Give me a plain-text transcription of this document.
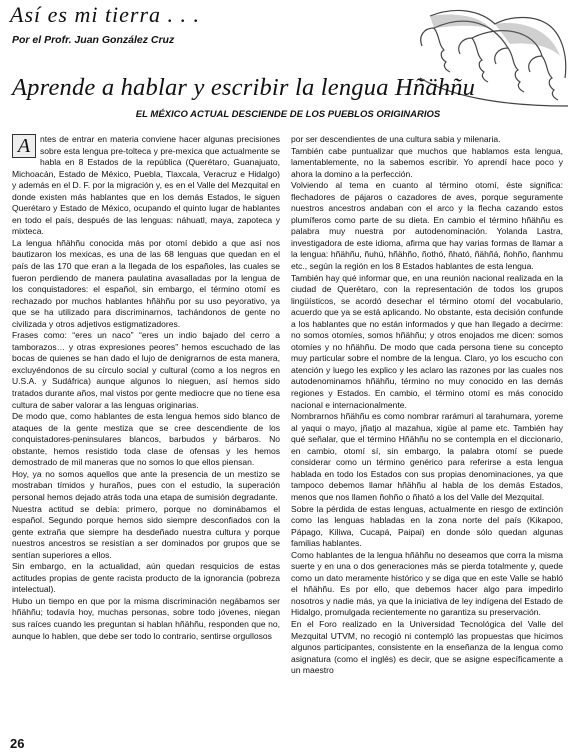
Así es mi tierra . . .
Por el Profr. Juan González Cruz
Aprende a hablar y escribir la lengua Hñähñu
EL MÉXICO ACTUAL DESCIENDE DE LOS PUEBLOS ORIGINARIOS

A	ntes de entrar en materia conviene hacer algunas precisiones sobre esta lengua pre-tolteca y pre-mexica que actualmente se habla en 8 Estados de la república (Querétaro, Guanajuato, Michoacán, Estado de México, Puebla, Tlaxcala, Veracruz e Hidalgo) y además en el D. F. por la migración y, es en el Valle del Mezquital en donde existen más hablantes que en los demás Estados, le siguen Querétaro y Estado de México, ocupando el quinto lugar de hablantes en todo el país, después de las lenguas: náhuatl, maya, zapoteca y mixteca.

La lengua hñähñu conocida más por otomí debido a que así nos bautizaron los mexicas, es una de las 68 lenguas que quedan en el país de las 170 que eran a la llegada de los españoles, las cuales se fueron perdiendo de manera paulatina avasalladas por la lengua de los conquistadores: el español, sin embargo, el término otomí es rechazado por muchos hablantes hñähñu por su uso peyorativo, ya que se ha utilizado para discriminarnos, tachándonos de gente no civilizada y otros adjetivos estigmatizadores.

Frases como: “eres un naco” “eres un indio bajado del cerro a tamborazos… y otras expresiones peores” hemos escuchado de las bocas de quienes se han dado el lujo de denigrarnos de esta manera, excluyéndonos de su círculo social y cultural (como a los negros en U.S.A. y Sudáfrica) aunque algunos lo nieguen, así hemos sido tratados durante años, mal vistos por gente mediocre que no tiene esa cultura de saber valorar a las lenguas originarias.

De modo que, como hablantes de esta lengua hemos sido blanco de ataques de la gente mestiza que se cree descendiente de los conquistadores-peninsulares blancos, barbudos y bárbaros. No obstante, hemos resistido toda clase de ofensas y les hemos demostrado de mil maneras que no somos lo que ellos piensan.

Hoy, ya no somos aquellos que ante la presencia de un mestizo se mostraban tímidos y huraños, pues con el estudio, la superación personal hemos dejado atrás toda una etapa de sumisión degradante.

Nuestra actitud se debía: primero, porque no dominábamos el español. Segundo porque hemos sido siempre desconfiados con la gente extraña que siempre ha desdeñado nuestra cultura y porque nuestros ancestros se resistían a ser dominados por grupos que se sentían superiores a ellos.

Sin embargo, en la actualidad, aún quedan resquicios de estas actitudes propias de gente racista producto de la ignorancia (pobreza intelectual).

Hubo un tiempo en que por la misma discriminación negábamos ser hñähñu; todavía hoy, muchas personas, sobre todo jóvenes, niegan sus raíces cuando les preguntan si hablan hñähñu, responden que no, aunque lo hablen, que debe ser todo lo contrario, sentirse orgullosos

por ser descendientes de una cultura sabia y milenaria.

También cabe puntualizar que muchos que hablamos esta lengua, lamentablemente, no la sabemos escribir. Yo aprendí hace poco y ahora la domino a la perfección.

Volviendo al tema en cuanto al término otomí, éste significa: flechadores de pájaros o cazadores de aves, porque seguramente nuestros ancestros andaban con el arco y la flecha cazando estos plumíferos como parte de su dieta. En cambio el término hñähñu es palabra muy nuestra por autodenominación. Yolanda Lastra, investigadora de este idioma, afirma que hay varias formas de llamar a la lengua: hñähñu, ñuhú, hñähño, ñothó, ñható, ñähñá, ñohño, ñanhmu etc., según la región en los 8 Estados hablantes de esta lengua.

También hay qué informar que, en una reunión nacional realizada en la ciudad de Querétaro, con la representación de todos los grupos lingüísticos, se acordó desechar el término otomí del vocabulario, acuerdo que ya se está aplicando. No obstante, esta decisión confunde a los hablantes que no están informados y que han llegado a decirme: no somos otomíes, somos hñähñu; y otros enojados me dicen: somos otomíes y no hñähñu. De modo que cada persona tiene su concepto muy particular sobre el nombre de la lengua. Claro, yo los escucho con atención y luego les explico y les aclaro las razones por las cuales nos autodenominamos hñähñu, término no muy conocido en las demás regiones y Estados. En cambio, el término otomí es más conocido nacional e internacionalmente.

Nombrarnos hñähñu es como nombrar rarámuri al tarahumara, yoreme al yaqui o mayo, jñatjo al mazahua, xigüe al pame etc. También hay qué señalar, que el término Hñähñu no se contempla en el diccionario, en cambio, otomí sí, sin embargo, la palabra otomí se puede considerar como un término genérico para referirse a esta lengua hablada en todo los Estados con sus propias denominaciones, ya que tampoco debemos llamar hñähñu al habla de los demás Estados, menos que nos llamen ñohño o ñható a los del Valle del Mezquital.

Sobre la pérdida de estas lenguas, actualmente en riesgo de extinción como las lenguas habladas en la zona norte del país (Kikapoo, Pápago, Kiliwa, Cucapá, Paipai) en donde sólo quedan algunas familias hablantes.

Como hablantes de la lengua hñähñu no deseamos que corra la misma suerte y en una o dos generaciones más se pierda totalmente y, quede como un dato meramente histórico y se diga que en este Valle se habló el hñähñu. Es por ello, que debemos hacer algo para impedirlo nosotros y nadie más, ya que la iniciativa de ley indígena del Estado de Hidalgo, promulgada recientemente no garantiza su preservación.

En el Foro realizado en la Universidad Tecnológica del Valle del Mezquital UTVM, no recogió ni contempló las propuestas que hicimos algunos participantes, consistente en la enseñanza de la lengua como asignatura (como el inglés) es decir, que se asigne específicamente a un maestro

26
